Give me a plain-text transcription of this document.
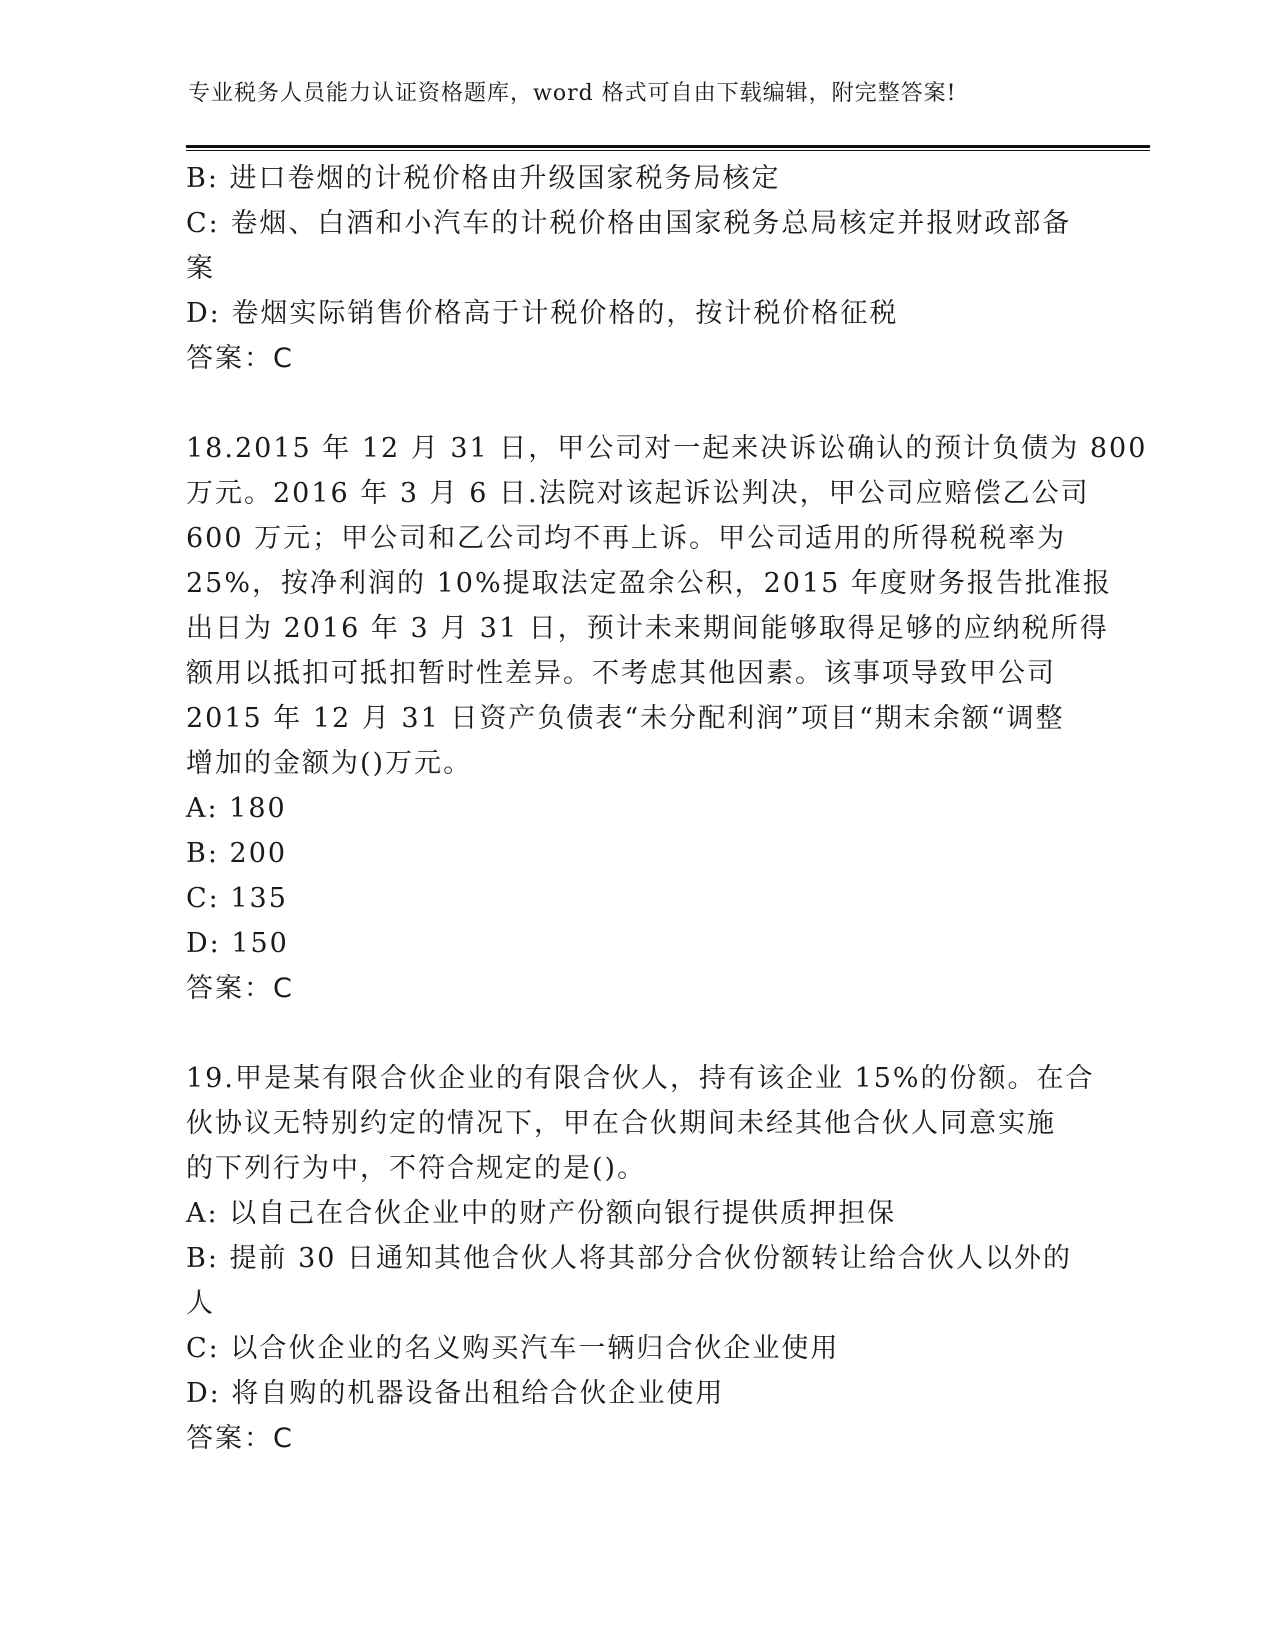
专业税务人员能力认证资格题库，word 格式可自由下载编辑，附完整答案!
B: 进口卷烟的计税价格由升级国家税务局核定
C: 卷烟、白酒和小汽车的计税价格由国家税务总局核定并报财政部备
案
D: 卷烟实际销售价格高于计税价格的，按计税价格征税
答案：C
18.2015 年 12 月 31 日，甲公司对一起来决诉讼确认的预计负债为 800
万元。2016 年 3 月 6 日.法院对该起诉讼判决，甲公司应赔偿乙公司
600 万元；甲公司和乙公司均不再上诉。甲公司适用的所得税税率为
25%，按净利润的 10%提取法定盈余公积，2015 年度财务报告批准报
出日为 2016 年 3 月 31 日，预计未来期间能够取得足够的应纳税所得
额用以抵扣可抵扣暂时性差异。不考虑其他因素。该事项导致甲公司
2015 年 12 月 31 日资产负债表“未分配利润”项目“期末余额“调整
增加的金额为()万元。
A: 180
B: 200
C: 135
D: 150
答案：C
19.甲是某有限合伙企业的有限合伙人，持有该企业 15%的份额。在合
伙协议无特别约定的情况下，甲在合伙期间未经其他合伙人同意实施
的下列行为中，不符合规定的是()。
A: 以自己在合伙企业中的财产份额向银行提供质押担保
B: 提前 30 日通知其他合伙人将其部分合伙份额转让给合伙人以外的
人
C: 以合伙企业的名义购买汽车一辆归合伙企业使用
D: 将自购的机器设备出租给合伙企业使用
答案：C
